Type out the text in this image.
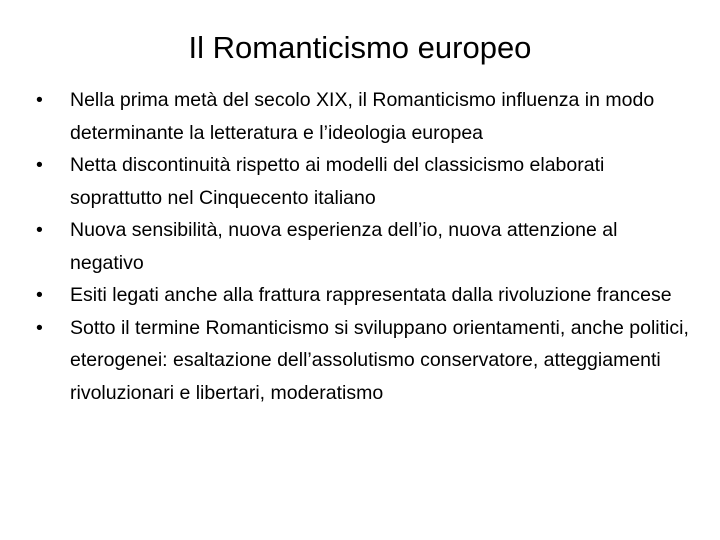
Il Romanticismo europeo
•	Nella prima metà del secolo XIX, il Romanticismo influenza in modo determinante la letteratura e l’ideologia europea
•	Netta discontinuità rispetto ai modelli del classicismo elaborati soprattutto nel Cinquecento italiano
•	Nuova sensibilità, nuova esperienza dell’io, nuova attenzione al negativo
•	Esiti legati anche alla frattura rappresentata dalla rivoluzione francese
•	Sotto il termine Romanticismo si sviluppano orientamenti, anche politici, eterogenei: esaltazione dell’assolutismo conservatore, atteggiamenti rivoluzionari e libertari, moderatismo
